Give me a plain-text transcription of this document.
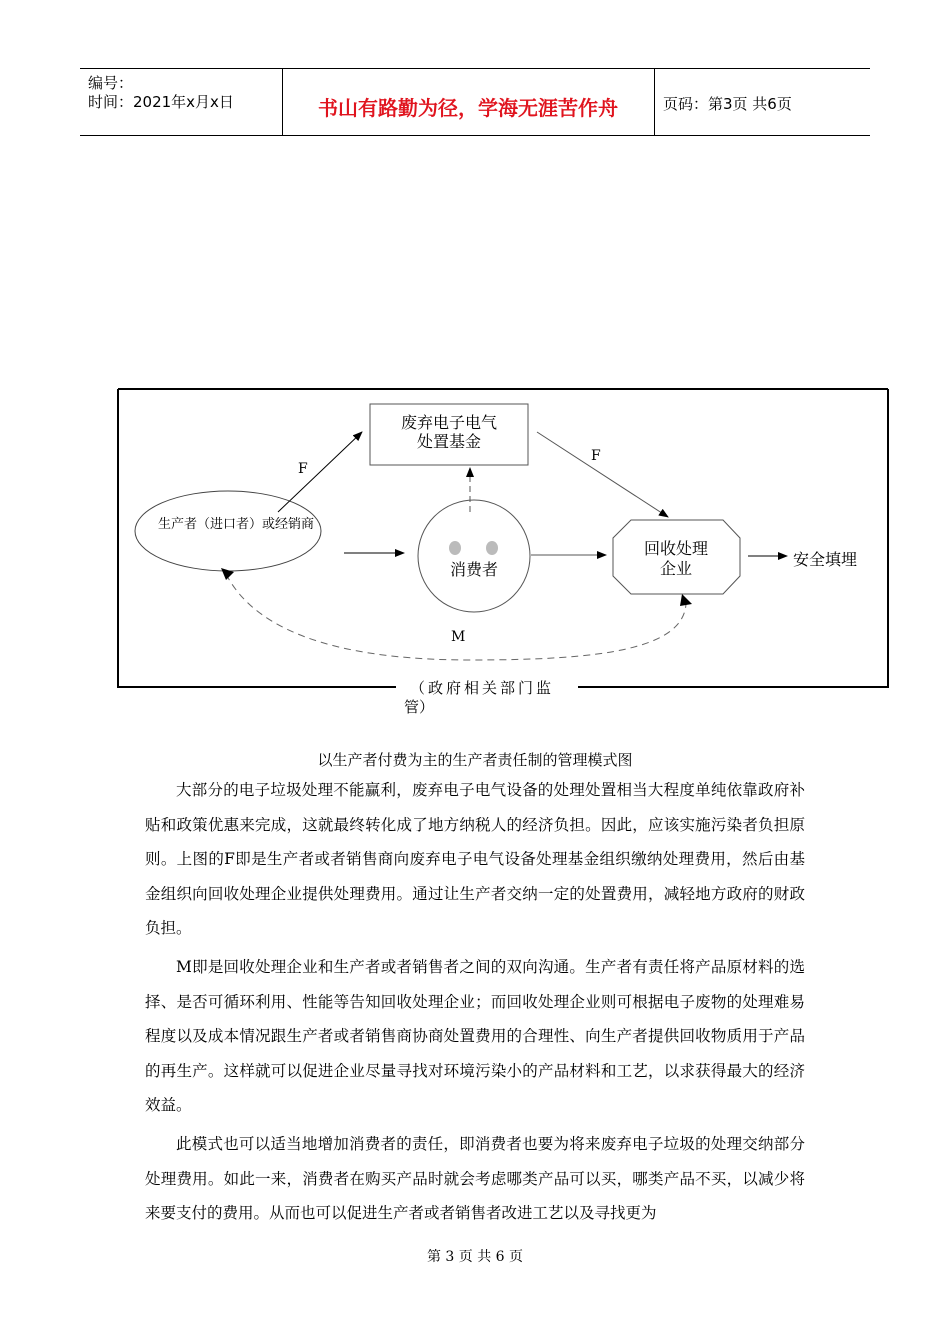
编号：
时间：2021年x月x日	书山有路勤为径，学海无涯苦作舟	页码：第3页 共6页
废弃电子电气
处置基金
生产者（进口者）或经销商
消费者
回收处理
企业	安全填埋
F
F
M
（政府相关部门监
管）
以生产者付费为主的生产者责任制的管理模式图

大部分的电子垃圾处理不能赢利，废弃电子电气设备的处理处置相当大程度单纯依靠政府补贴和政策优惠来完成，这就最终转化成了地方纳税人的经济负担。因此，应该实施污染者负担原则。上图的F即是生产者或者销售商向废弃电子电气设备处理基金组织缴纳处理费用，然后由基金组织向回收处理企业提供处理费用。通过让生产者交纳一定的处置费用，减轻地方政府的财政负担。

M即是回收处理企业和生产者或者销售者之间的双向沟通。生产者有责任将产品原材料的选择、是否可循环利用、性能等告知回收处理企业；而回收处理企业则可根据电子废物的处理难易程度以及成本情况跟生产者或者销售商协商处置费用的合理性、向生产者提供回收物质用于产品的再生产。这样就可以促进企业尽量寻找对环境污染小的产品材料和工艺，以求获得最大的经济效益。

此模式也可以适当地增加消费者的责任，即消费者也要为将来废弃电子垃圾的处理交纳部分处理费用。如此一来，消费者在购买产品时就会考虑哪类产品可以买，哪类产品不买，以减少将来要支付的费用。从而也可以促进生产者或者销售者改进工艺以及寻找更为

第 3 页 共 6 页
